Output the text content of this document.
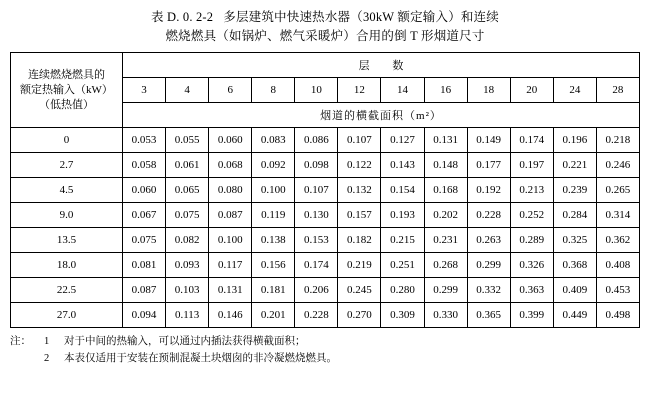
表 D. 0. 2-2 多层建筑中快速热水器（30kW 额定输入）和连续
燃烧燃具（如锅炉、燃气采暖炉）合用的倒 T 形烟道尺寸
连续燃烧燃具的
额定热输入（kW）
（低热值）	层 数											
	3	4	6	8	10	12	14	16	18	20	24	28
	烟道的横截面积（m²）											
0	0.053	0.055	0.060	0.083	0.086	0.107	0.127	0.131	0.149	0.174	0.196	0.218
2.7	0.058	0.061	0.068	0.092	0.098	0.122	0.143	0.148	0.177	0.197	0.221	0.246
4.5	0.060	0.065	0.080	0.100	0.107	0.132	0.154	0.168	0.192	0.213	0.239	0.265
9.0	0.067	0.075	0.087	0.119	0.130	0.157	0.193	0.202	0.228	0.252	0.284	0.314
13.5	0.075	0.082	0.100	0.138	0.153	0.182	0.215	0.231	0.263	0.289	0.325	0.362
18.0	0.081	0.093	0.117	0.156	0.174	0.219	0.251	0.268	0.299	0.326	0.368	0.408
22.5	0.087	0.103	0.131	0.181	0.206	0.245	0.280	0.299	0.332	0.363	0.409	0.453
27.0	0.094	0.113	0.146	0.201	0.228	0.270	0.309	0.330	0.365	0.399	0.449	0.498
注：	1	对于中间的热输入，可以通过内插法获得横截面积；
2	本表仅适用于安装在预制混凝土块烟囱的非冷凝燃烧燃具。
